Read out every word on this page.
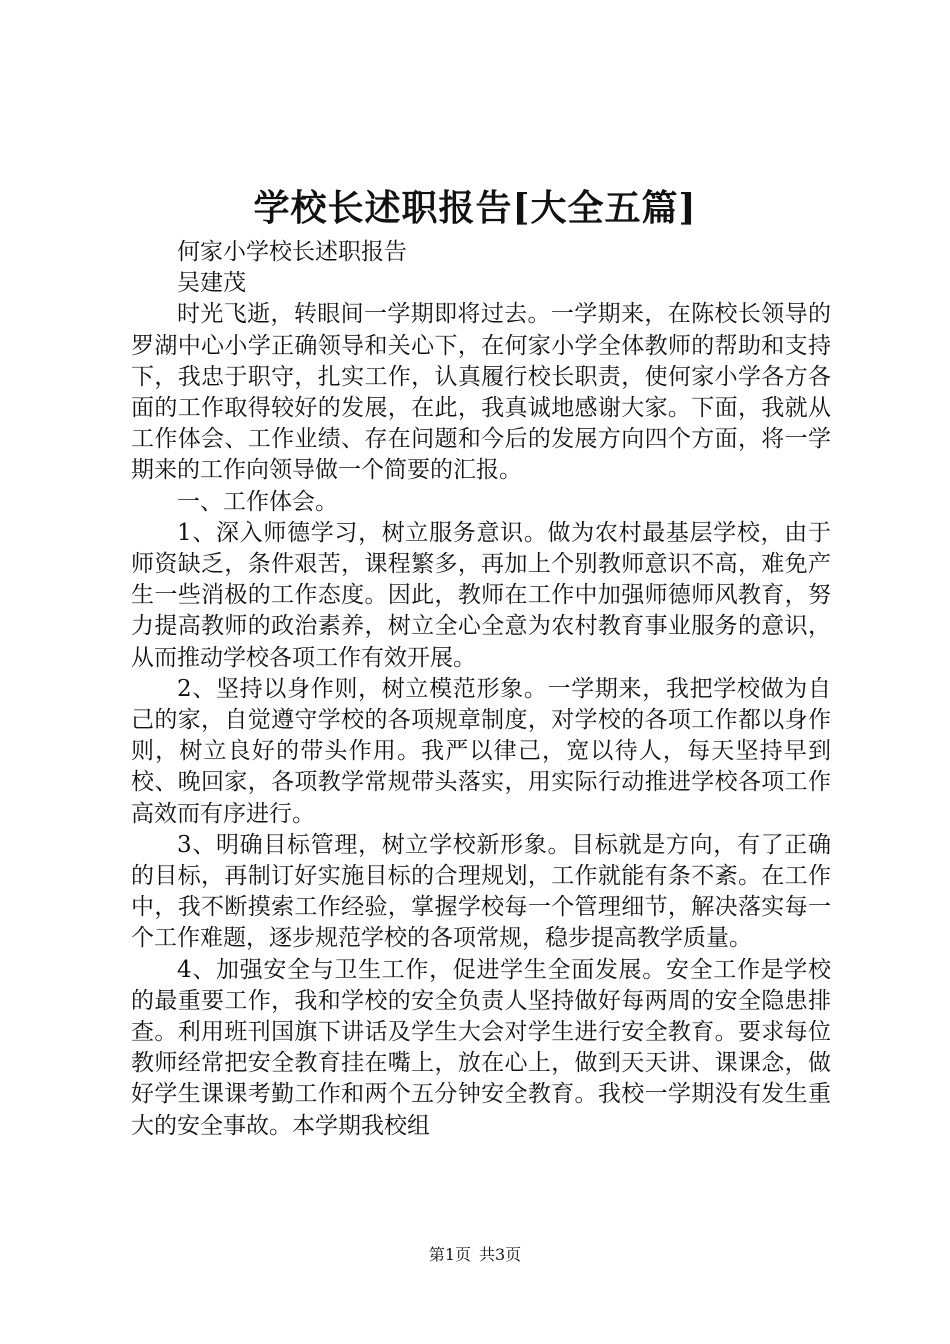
学校长述职报告[大全五篇]

何家小学校长述职报告

吴建茂

时光飞逝，转眼间一学期即将过去。一学期来，在陈校长领导的罗湖中心小学正确领导和关心下，在何家小学全体教师的帮助和支持下，我忠于职守，扎实工作，认真履行校长职责，使何家小学各方各面的工作取得较好的发展，在此，我真诚地感谢大家。下面，我就从工作体会、工作业绩、存在问题和今后的发展方向四个方面，将一学期来的工作向领导做一个简要的汇报。

一、工作体会。

1、深入师德学习，树立服务意识。做为农村最基层学校，由于师资缺乏，条件艰苦，课程繁多，再加上个别教师意识不高，难免产生一些消极的工作态度。因此，教师在工作中加强师德师风教育，努力提高教师的政治素养，树立全心全意为农村教育事业服务的意识，从而推动学校各项工作有效开展。

2、坚持以身作则，树立模范形象。一学期来，我把学校做为自己的家，自觉遵守学校的各项规章制度，对学校的各项工作都以身作则，树立良好的带头作用。我严以律己，宽以待人，每天坚持早到校、晚回家，各项教学常规带头落实，用实际行动推进学校各项工作高效而有序进行。

3、明确目标管理，树立学校新形象。目标就是方向，有了正确的目标，再制订好实施目标的合理规划，工作就能有条不紊。在工作中，我不断摸索工作经验，掌握学校每一个管理细节，解决落实每一个工作难题，逐步规范学校的各项常规，稳步提高教学质量。

4、加强安全与卫生工作，促进学生全面发展。安全工作是学校的最重要工作，我和学校的安全负责人坚持做好每两周的安全隐患排查。利用班刊国旗下讲话及学生大会对学生进行安全教育。要求每位教师经常把安全教育挂在嘴上，放在心上，做到天天讲、课课念，做好学生课课考勤工作和两个五分钟安全教育。我校一学期没有发生重大的安全事故。本学期我校组

第1页 共3页
